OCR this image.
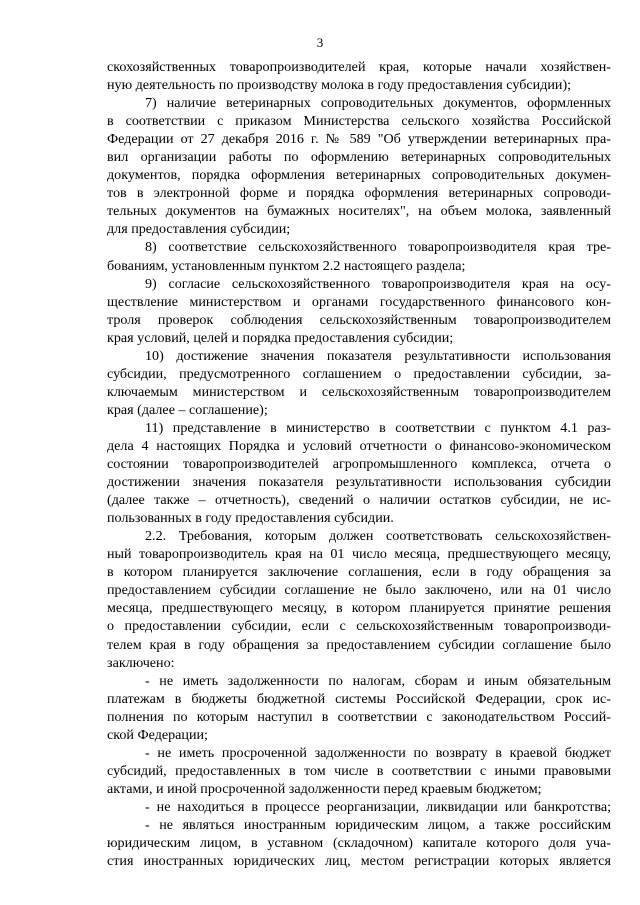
3
скохозяйственных товаропроизводителей края, которые начали хозяйствен-
ную деятельность по производству молока в году предоставления субсидии);
7) наличие ветеринарных сопроводительных документов, оформленных
в соответствии с приказом Министерства сельского хозяйства Российской
Федерации от 27 декабря 2016 г. № 589 "Об утверждении ветеринарных пра-
вил организации работы по оформлению ветеринарных сопроводительных
документов, порядка оформления ветеринарных сопроводительных докумен-
тов в электронной форме и порядка оформления ветеринарных сопроводи-
тельных документов на бумажных носителях", на объем молока, заявленный
для предоставления субсидии;
8) соответствие сельскохозяйственного товаропроизводителя края тре-
бованиям, установленным пунктом 2.2 настоящего раздела;
9) согласие сельскохозяйственного товаропроизводителя края на осу-
ществление министерством и органами государственного финансового кон-
троля проверок соблюдения сельскохозяйственным товаропроизводителем
края условий, целей и порядка предоставления субсидии;
10) достижение значения показателя результативности использования
субсидии, предусмотренного соглашением о предоставлении субсидии, за-
ключаемым министерством и сельскохозяйственным товаропроизводителем
края (далее – соглашение);
11) представление в министерство в соответствии с пунктом 4.1 раз-
дела 4 настоящих Порядка и условий отчетности о финансово-экономическом
состоянии товаропроизводителей агропромышленного комплекса, отчета о
достижении значения показателя результативности использования субсидии
(далее также – отчетность), сведений о наличии остатков субсидии, не ис-
пользованных в году предоставления субсидии.
2.2. Требования, которым должен соответствовать сельскохозяйствен-
ный товаропроизводитель края на 01 число месяца, предшествующего месяцу,
в котором планируется заключение соглашения, если в году обращения за
предоставлением субсидии соглашение не было заключено, или на 01 число
месяца, предшествующего месяцу, в котором планируется принятие решения
о предоставлении субсидии, если с сельскохозяйственным товаропроизводи-
телем края в году обращения за предоставлением субсидии соглашение было
заключено:
- не иметь задолженности по налогам, сборам и иным обязательным
платежам в бюджеты бюджетной системы Российской Федерации, срок ис-
полнения по которым наступил в соответствии с законодательством Россий-
ской Федерации;
- не иметь просроченной задолженности по возврату в краевой бюджет
субсидий, предоставленных в том числе в соответствии с иными правовыми
актами, и иной просроченной задолженности перед краевым бюджетом;
- не находиться в процессе реорганизации, ликвидации или банкротства;
- не являться иностранным юридическим лицом, а также российским
юридическим лицом, в уставном (складочном) капитале которого доля уча-
стия иностранных юридических лиц, местом регистрации которых является
